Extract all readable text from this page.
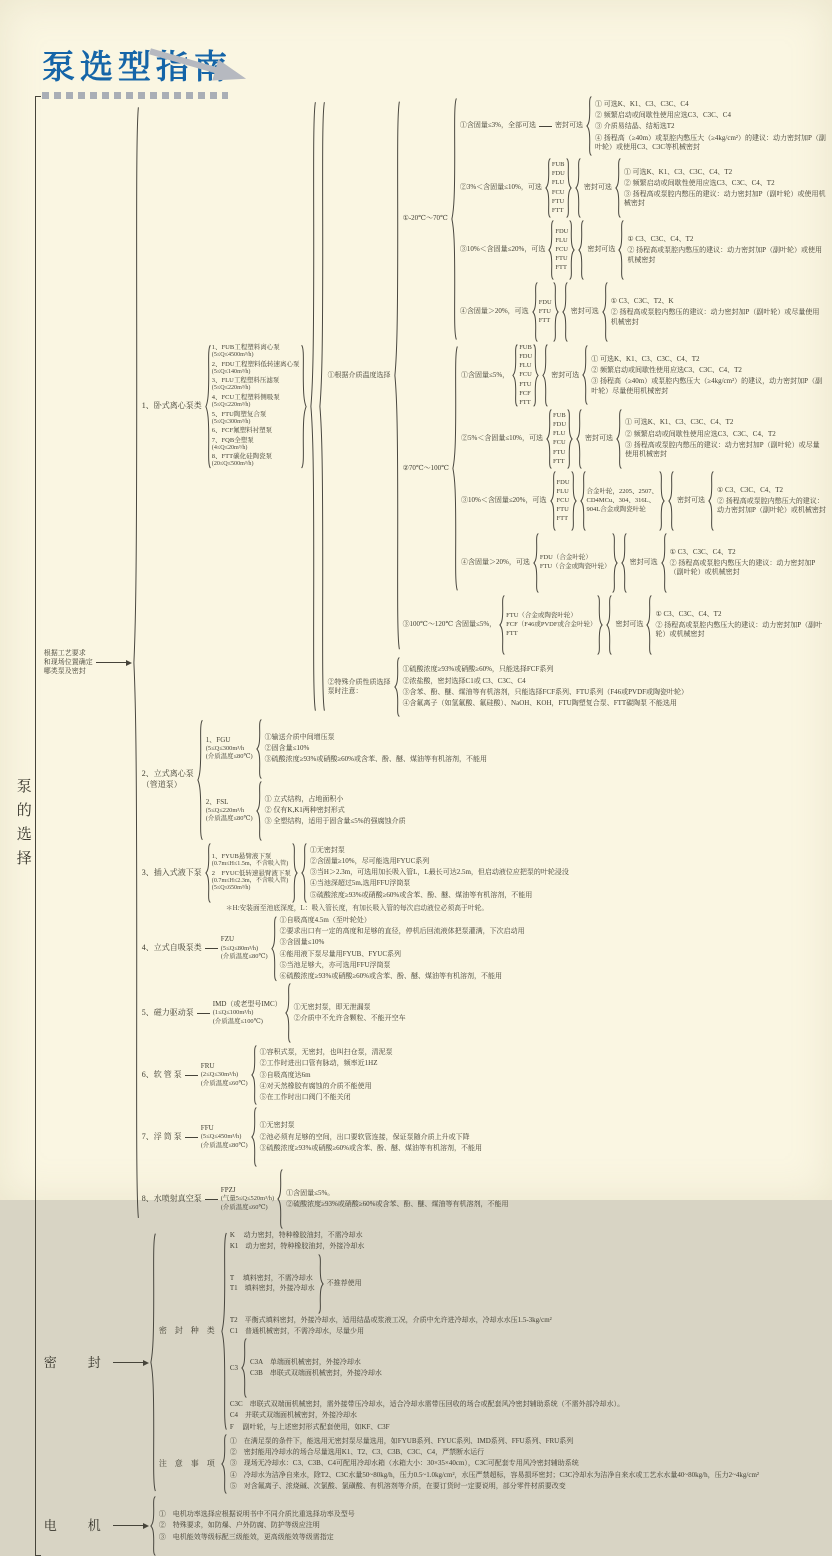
泵选型指南
泵的选择
根据工艺要求
和现场位置确定
哪类泵及密封
1、卧式离心泵类
1、FUB工程塑料离心泵
(5≤Q≤4500m³/h)
2、FDU工程塑料低转速离心泵
(5≤Q≤140m³/h)
3、FLU工程塑料压滤泵
(5≤Q≤220m³/h)
4、FCU工程塑料侧吸泵
(5≤Q≤220m³/h)
5、FTU陶塑复合泵
(5≤Q≤300m³/h)
6、FCF氟塑料衬塑泵
7、FQB全塑泵
(4≤Q≤20m³/h)
8、FTT碳化硅陶瓷泵
(20≤Q≤500m³/h)
①根据介质温度选择
①-20℃～70℃
①含固量≤3%，全部可选	密封可选
① 可选K、K1、C3、C3C、C4
② 频繁启动或间歇性使用应选C3、C3C、C4
③ 介质易结晶、结垢选T2
④ 扬程高（≥40m）或泵腔内憋压大（≥4kg/cm²）的建议：动力密封加P（副叶轮）或使用C3、C3C等机械密封
②3%＜含固量≤10%，可选
FUB
FDU
FLU
FCU
FTU
FTT
密封可选
① 可选K、K1、C3、C3C、C4、T2
② 频繁启动或间歇性使用应选C3、C3C、C4、T2
③ 扬程高或泵腔内憋压的建议：动力密封加P（副叶轮）或使用机械密封
③10%＜含固量≤20%，可选
FDU
FLU
FCU
FTU
FTT
密封可选
① C3、C3C、C4、T2
② 扬程高或泵腔内憋压的建议：动力密封加P（副叶轮）或使用机械密封
④含固量＞20%，可选
FDU
FTU
FTT
密封可选
① C3、C3C、T2、K
② 扬程高或泵腔内憋压的建议：动力密封加P（副叶轮）或尽量使用机械密封
②70℃～100℃
①含固量≤5%，
FUB
FDU
FLU
FCU
FTU
FCF
FTT
密封可选
① 可选K、K1、C3、C3C、C4、T2
② 频繁启动或间歇性使用应选C3、C3C、C4、T2
③ 扬程高（≥40m）或泵腔内憋压大（≥4kg/cm²）的建议，动力密封加P（副叶轮）尽量使用机械密封
②5%＜含固量≤10%，可选
FUB
FDU
FLU
FCU
FTU
FTT
密封可选
① 可选K、K1、C3、C3C、C4、T2
② 频繁启动或间歇性使用应选C3、C3C、C4、T2
③ 扬程高或泵腔内憋压的建议：动力密封加P（副叶轮）或尽量使用机械密封
③10%＜含固量≤20%，可选
FDU
FLU
FCU
FTU
FTT
合金叶轮，2205、2507、
CD4MCu、304、316L、
904L合金或陶瓷叶轮
密封可选
① C3、C3C、C4、T2
② 扬程高或泵腔内憋压大的建议：动力密封加P（副叶轮）或机械密封
④含固量＞20%，可选
FDU（合金叶轮）
FTU（合金或陶瓷叶轮）
密封可选
① C3、C3C、C4、T2
② 扬程高或泵腔内憋压大的建议：动力密封加P（副叶轮）或机械密封
③100℃～120℃ 含固量≤5%，
FTU（合金或陶瓷叶轮）
FCF（F46或PVDF或合金叶轮）
FTT
密封可选
① C3、C3C、C4、T2
② 扬程高或泵腔内憋压大的建议：动力密封加P（副叶轮）或机械密封
②特殊介质性质选择
泵时注意：
①硫酸浓度≥93%或硝酸≥60%，只能选择FCF系列
②浓盐酸，密封选择C1或 C3、C3C、C4
③含苯、酚、醚、煤油等有机溶剂，只能选择FCF系列、FTU系列（F46或PVDF或陶瓷叶轮）
④含氟离子（如氢氟酸、氟硅酸）、NaOH、KOH，FTU陶塑复合泵、FTT碳陶泵 不能选用
2、立式离心泵
（管道泵）
1、FGU
(5≤Q≤300m³/h
(介质温度≤80℃)
①输送介质中间增压泵
②固含量≤10%
③硫酸浓度≥93%或硝酸≥60%或含苯、酚、醚、煤油等有机溶剂，不能用
2、FSL
(5≤Q≤220m³/h
(介质温度≤80℃)
① 立式结构，占地面积小
② 仅有K,K1两种密封形式
③ 全塑结构，适用于固含量≤5%的强腐蚀介质
3、插入式液下泵
1、FYUB悬臂液下泵
(0.7m≤H≤1.5m，不含吸入管)
2　FYUC低转速悬臂液下泵
(0.7m≤H≤2.3m，不含吸入管)
(5≤Q≤650m³/h)
①无密封泵
②含固量≥10%，尽可能选用FYUC系列
③当H＞2.3m，可选用加长吸入管L，L最长可达2.5m，但启动液位应把泵的叶轮浸没
④当池深超过5m,选用FFU浮筒泵
⑤硫酸浓度≥93%或硝酸≥60%或含苯、酚、醚、煤油等有机溶剂，不能用
＊H:安装面至池底深度，L：吸入管长度，有加长吸入管的每次启动液位必须高于叶轮。
4、立式自吸泵类
FZU
(5≤Q≤80m³/h)
(介质温度≤80℃)
①自吸高度4.5m（至叶轮处）
②要求出口有一定的高度和足够的直径，停机后回流液体把泵灌满，下次启动用
③含固量≤10%
④能用液下泵尽量用FYUB、FYUC系列
⑤当池足够大，亦可选用FFU浮筒泵
⑥硫酸浓度≥93%或硝酸≥60%或含苯、酚、醚、煤油等有机溶剂，不能用
5、磁力驱动泵
IMD（或老型号IMC）
(1≤Q≤100m³/h)
(介质温度≤100℃)
①无密封泵，即无泄漏泵
②介质中不允许含颗粒、不能开空车
6、软 管 泵
FRU
(2≤Q≤30m³/h)
(介质温度≤60℃)
①容积式泵，无密封，也叫扫仓泵，清泥泵
②工作时进出口管有脉动，频率近1HZ
③自吸高度达6m
④对天然橡胶有腐蚀的介质不能使用
⑤在工作时出口阀门不能关闭
7、浮 筒 泵
FFU
(5≤Q≤450m³/h)
(介质温度≤80℃)
①无密封泵
②池必须有足够的空间，出口要软管连接，保证泵随介质上升或下降
③硫酸浓度≥93%或硝酸≥60%或含苯、酚、醚、煤油等有机溶剂，不能用
8、水喷射真空泵
FPZJ
(气量5≤Q≤520m³/h)
(介质温度≤60℃)
①含固量≤5%。
②硫酸浓度≥93%或硝酸≥60%或含苯、酚、醚、煤油等有机溶剂，不能用
密　封
密 封 种 类
K　 动力密封，特种橡胶油封，不需冷却水
K1　动力密封，特种橡胶油封，外接冷却水
T　 填料密封，不需冷却水
T1　填料密封，外接冷却水
不推荐使用
T2　平衡式填料密封，外接冷却水，适用结晶或浆液工况，介质中允许进冷却水，冷却水水压1.5-3kg/cm²
C1　普通机械密封，不需冷却水，尽量少用
C3
C3A　单端面机械密封，外接冷却水
C3B　串联式双端面机械密封，外接冷却水
C3C　串联式双端面机械密封，需外接带压冷却水，适合冷却水需带压回收的场合或配套风冷密封辅助系统（不需外部冷却水）。
C4　并联式双端面机械密封，外接冷却水
F　 副叶轮，与上述密封形式配套使用，如KF、C3F
注 意 事 项
①　在满足泵的条件下，能选用无密封泵尽量选用，如FYUB系列、FYUC系列、IMD系列、FFU系列、FRU系列
②　密封能用冷却水的场合尽量选用K1、T2、C3、C3B、C3C、C4，严禁断水运行
③　现场无冷却水：C3、C3B、C4可配用冷却水箱（水箱大小：30×35×40cm），C3C可配套专用风冷密封辅助系统
④　冷却水为洁净自来水，除T2、C3C水量50~80kg/h，压力0.5~1.0kg/cm²，水压严禁超标，容易损坏密封；C3C冷却水为洁净自来水或工艺水水量40~80kg/h，压力2~4kg/cm²
⑤　对含氟离子、浓烧碱、次氯酸、氯磺酸、有机溶剂等介质，在要订货时一定要说明，部分零件材质要改变
电　机
①　电机功率选择应根据说明书中不同介质比重选择功率及型号
②　特殊要求，如防爆、户外防腐、防护等级应注明
③　电机能效等级标配三级能效，更高级能效等级需指定
